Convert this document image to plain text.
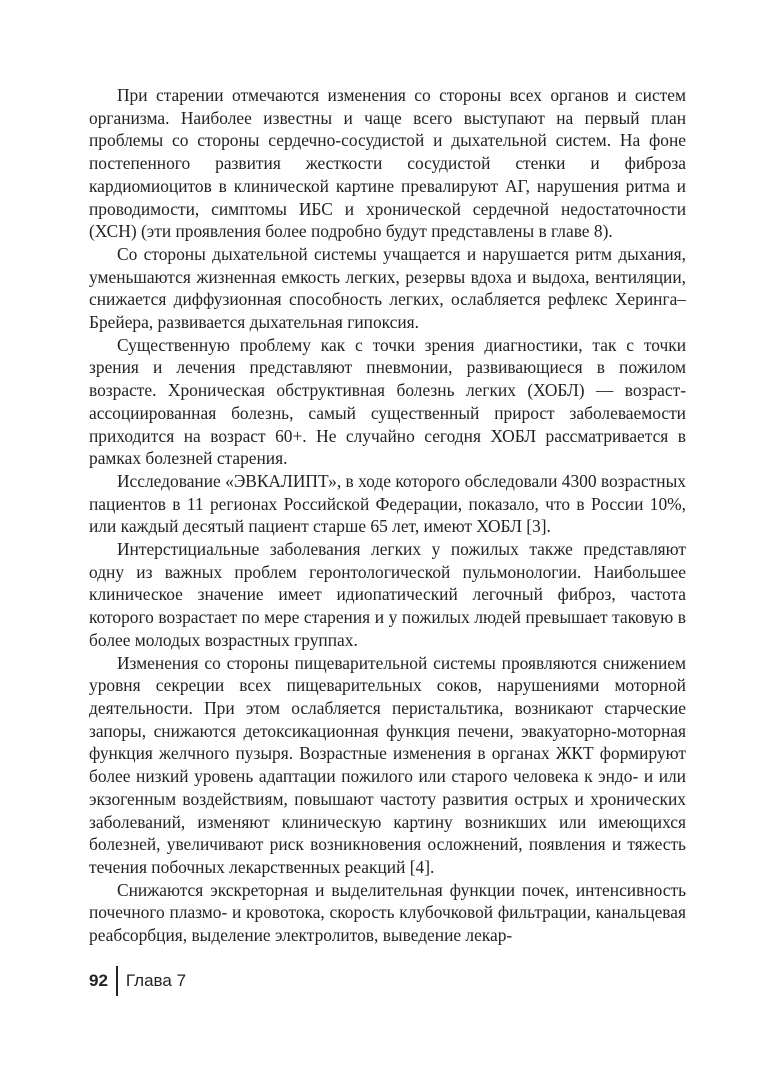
При старении отмечаются изменения со стороны всех органов и систем организма. Наиболее известны и чаще всего выступают на первый план проблемы со стороны сердечно-сосудистой и дыхательной систем. На фоне постепенного развития жесткости сосудистой стенки и фиброза кардиомиоцитов в клинической картине превалируют АГ, нарушения ритма и проводимости, симптомы ИБС и хронической сердечной недостаточности (ХСН) (эти проявления более подробно будут представлены в главе 8).

Со стороны дыхательной системы учащается и нарушается ритм дыхания, уменьшаются жизненная емкость легких, резервы вдоха и выдоха, вентиляции, снижается диффузионная способность легких, ослабляется рефлекс Херинга–Брейера, развивается дыхательная гипоксия.

Существенную проблему как с точки зрения диагностики, так с точки зрения и лечения представляют пневмонии, развивающиеся в пожилом возрасте. Хроническая обструктивная болезнь легких (ХОБЛ) — возраст-ассоциированная болезнь, самый существенный прирост заболеваемости приходится на возраст 60+. Не случайно сегодня ХОБЛ рассматривается в рамках болезней старения.

Исследование «ЭВКАЛИПТ», в ходе которого обследовали 4300 возрастных пациентов в 11 регионах Российской Федерации, показало, что в России 10%, или каждый десятый пациент старше 65 лет, имеют ХОБЛ [3].

Интерстициальные заболевания легких у пожилых также представляют одну из важных проблем геронтологической пульмонологии. Наибольшее клиническое значение имеет идиопатический легочный фиброз, частота которого возрастает по мере старения и у пожилых людей превышает таковую в более молодых возрастных группах.

Изменения со стороны пищеварительной системы проявляются снижением уровня секреции всех пищеварительных соков, нарушениями моторной деятельности. При этом ослабляется перистальтика, возникают старческие запоры, снижаются детоксикационная функция печени, эвакуаторно-моторная функция желчного пузыря. Возрастные изменения в органах ЖКТ формируют более низкий уровень адаптации пожилого или старого человека к эндо- и или экзогенным воздействиям, повышают частоту развития острых и хронических заболеваний, изменяют клиническую картину возникших или имеющихся болезней, увеличивают риск возникновения осложнений, появления и тяжесть течения побочных лекарственных реакций [4].

Снижаются экскреторная и выделительная функции почек, интенсивность почечного плазмо- и кровотока, скорость клубочковой фильтрации, канальцевая реабсорбция, выделение электролитов, выведение лекар-

92	Глава 7
